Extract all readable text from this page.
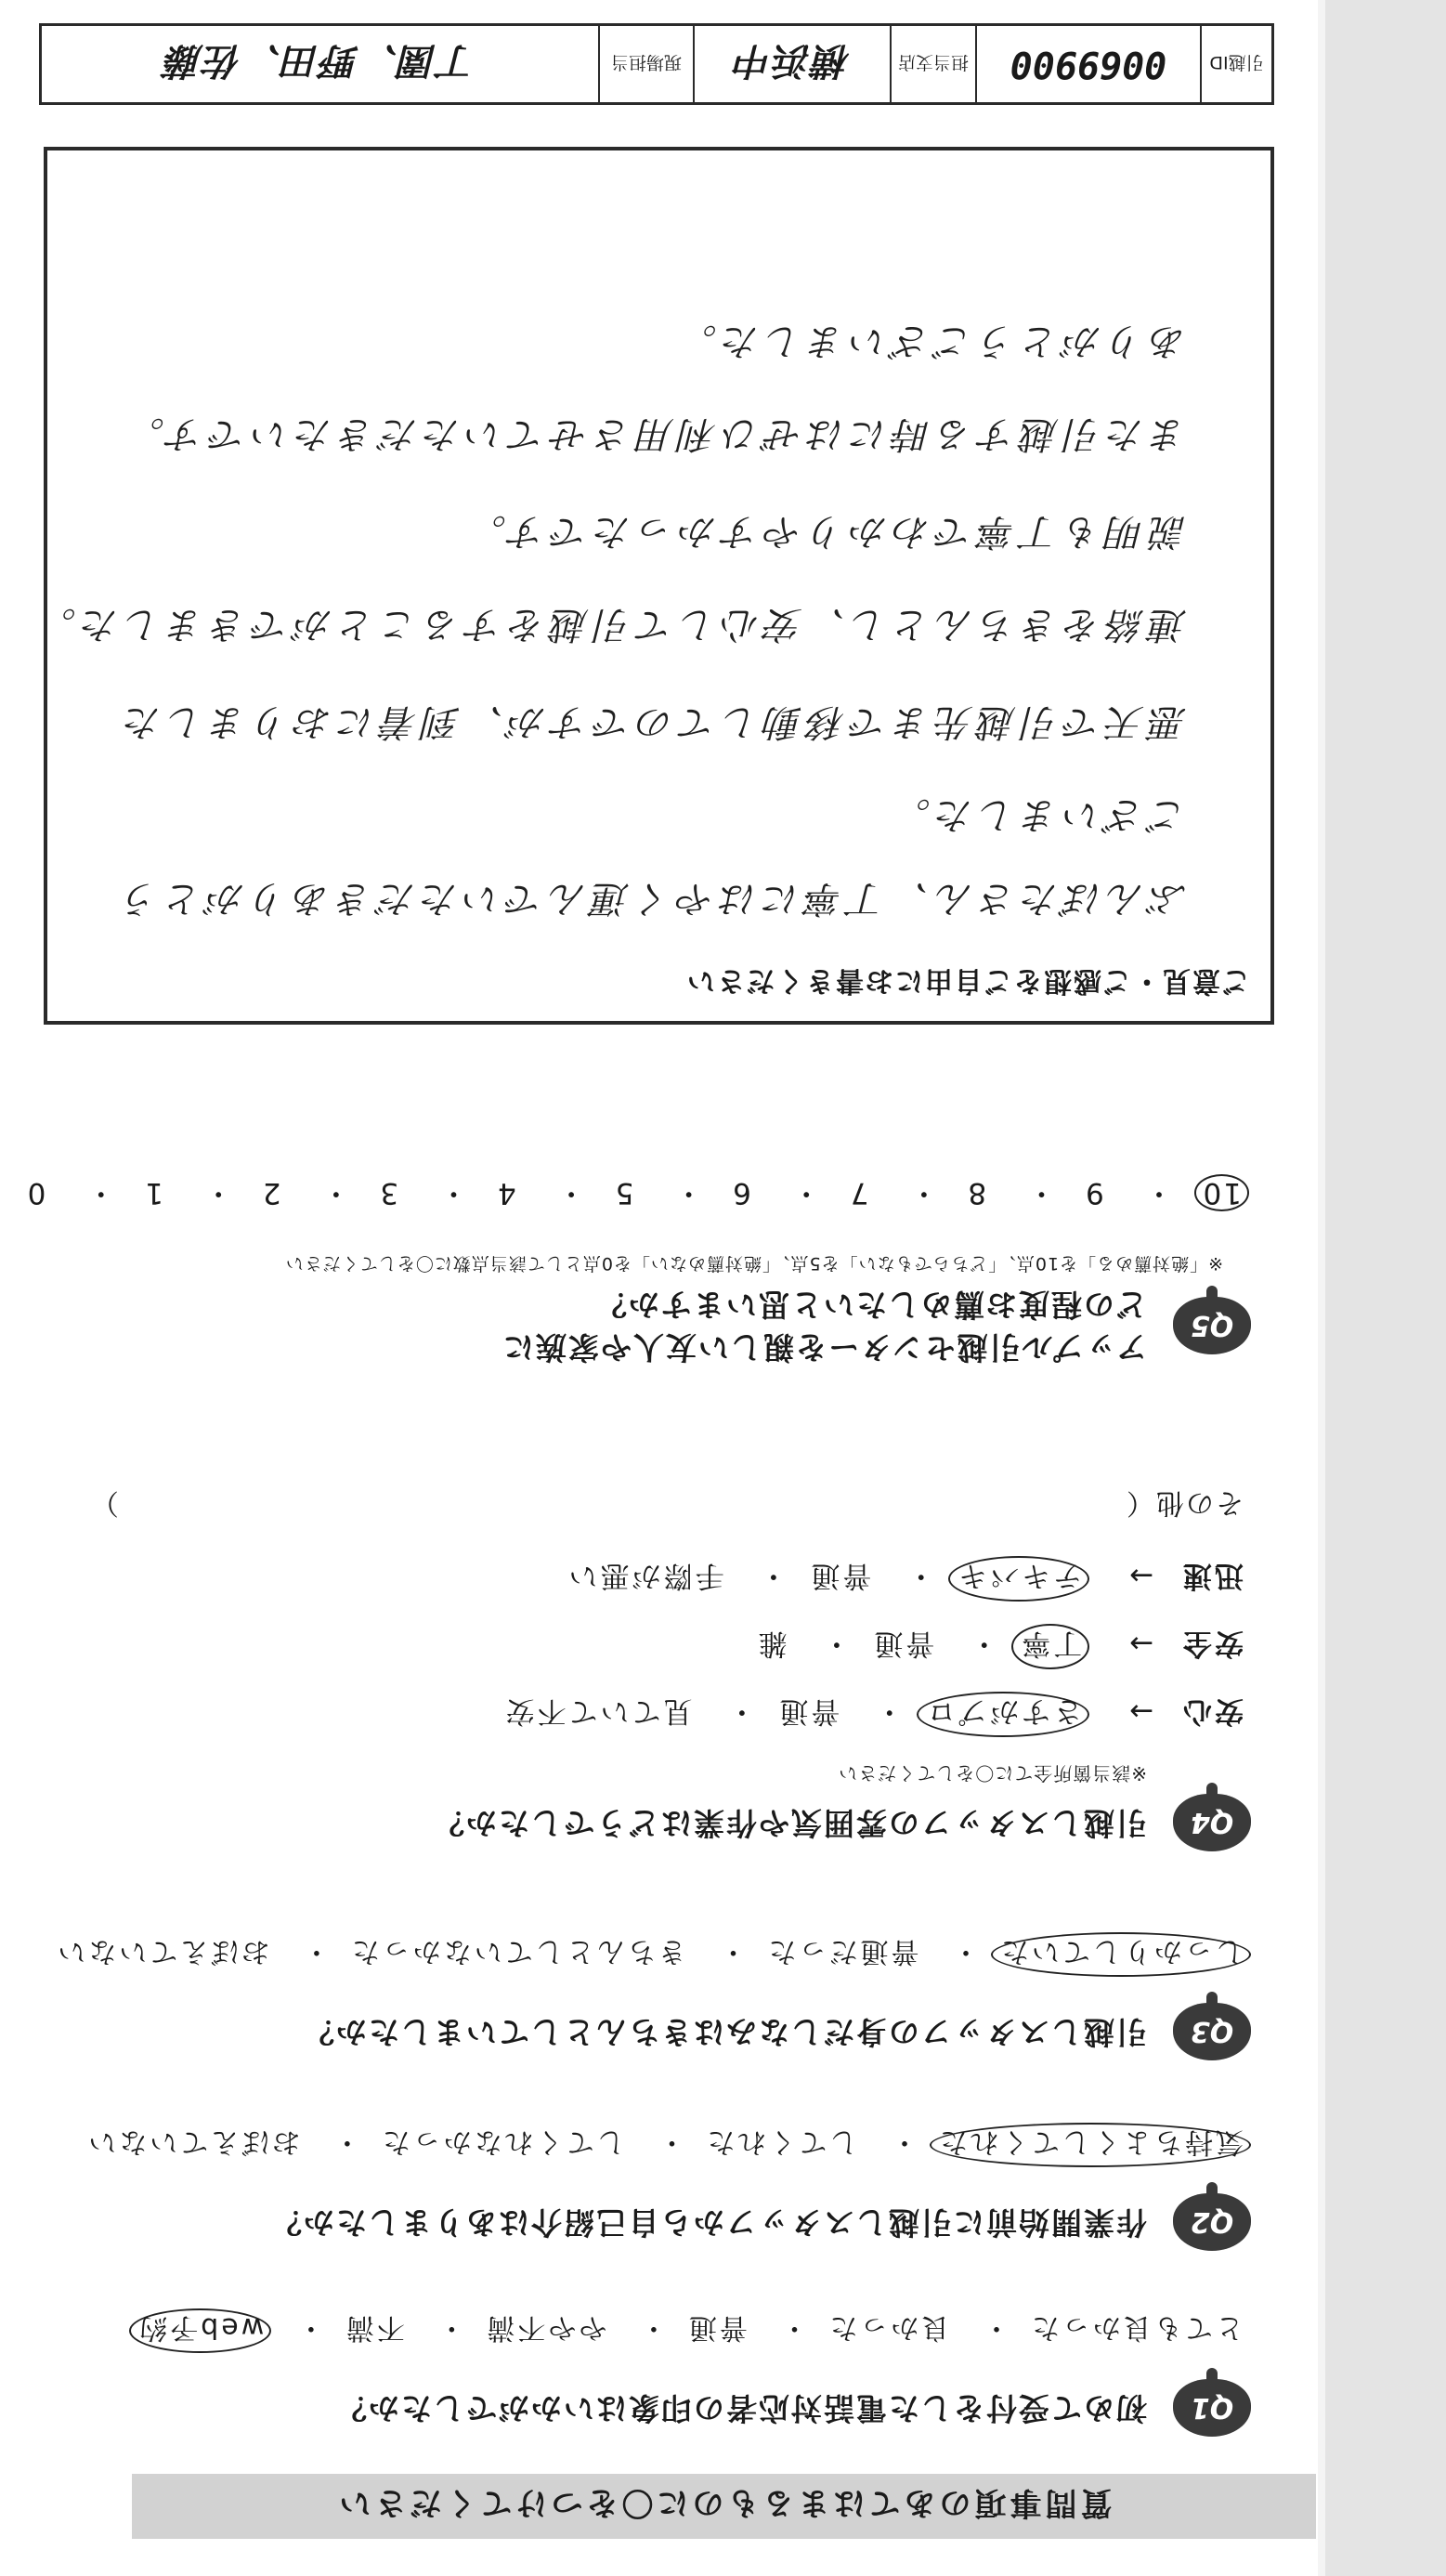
質問事項のあてはまるものに〇をつけてください
Q1
初めて受付をした電話対応者の印象はいかがでしたか？
とても良かった・ 良かった・ 普通・ やや不満・ 不満・ web予約
Q2
作業開始前に引越しスタッフから自己紹介はありましたか？
気持ちよくしてくれた・ してくれた・ してくれなかった・ おぼえていない
Q3
引越しスタッフの身だしなみはきちんとしていましたか？
しっかりしていた・ 普通だった・ きちんとしていなかった・ おぼえていない
Q4
引越しスタッフの雰囲気や作業はどうでしたか？
※該当箇所全てに〇をしてください
安心 → さすがプロ・ 普通・ 見ていて不安
安全 → 丁寧・ 普通・ 雑
迅速 → テキパキ・ 普通・ 手際が悪い
その他（  ）
Q5
アップル引越センターを親しい友人や家族に
どの程度お薦めしたいと思いますか？
※「絶対薦める」を10点、「どちらでもない」を5点、「絶対薦めない」を0点として該当点数に〇をしてください
10・ 9・ 8・ 7・ 6・ 5・ 4・ 3・ 2・ 1・ 0
ご意見・ご感想をご自由にお書きください
ぶんぼたさん、丁寧にはやく運んでいただきありがとう
ございました。
悪天で引越先まで移動してのですが、到着におりました
連絡をきちんとし、安心して引越をすることができました。
説明も丁寧でわかりやすかったです。
また引越する時にはぜひ利用させていただきたいです。
ありがとうございました。
引越ID
0069900
担当支店
横浜中
現場担当
丁園、野田、佐藤
